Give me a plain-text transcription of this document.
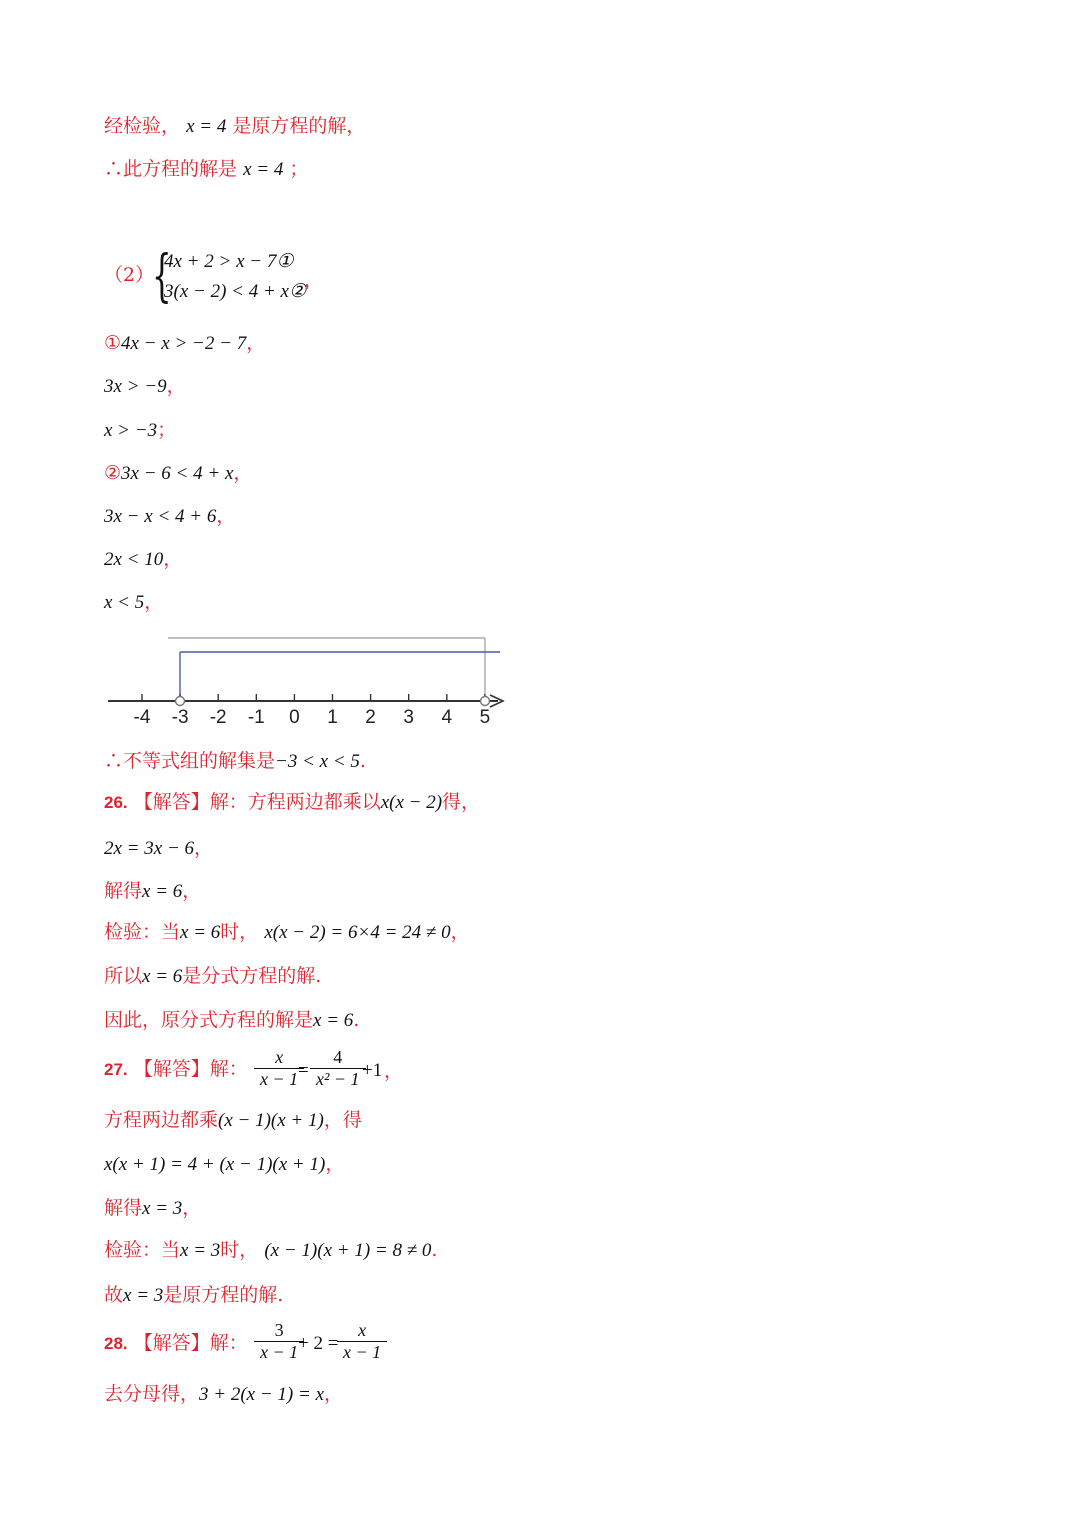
经检验， x = 4 是原方程的解，
∴此方程的解是 x = 4 ；
（2）
{
4x + 2 > x − 7①
3(x − 2) < 4 + x②
，
①4x − x > −2 − 7，
3x > −9，
x > −3；
②3x − 6 < 4 + x，
3x − x < 4 + 6，
2x < 10，
x < 5，
-4 -3 -2 -1 0 1 2 3 4 5
∴不等式组的解集是−3 < x < 5.
26. 【解答】解：方程两边都乘以x(x − 2)得，
2x = 3x − 6，
解得x = 6，
检验：当x = 6时， x(x − 2) = 6×4 = 24 ≠ 0，
所以x = 6是分式方程的解.
因此，原分式方程的解是x = 6.
27. 【解答】解： $\frac{x}{x - 1}$
= $\frac{4}{\text{x² − 1}}$
+1 ，
方程两边都乘(x − 1)(x + 1)，得
x(x + 1) = 4 + (x − 1)(x + 1)，
解得x = 3，
检验：当x = 3时， (x − 1)(x + 1) = 8 ≠ 0.
故x = 3是原方程的解.
28. 【解答】解： $\frac{3}{x - 1}$
+ 2 =
$\frac{x}{x - 1}$
去分母得，3 + 2(x − 1) = x，
